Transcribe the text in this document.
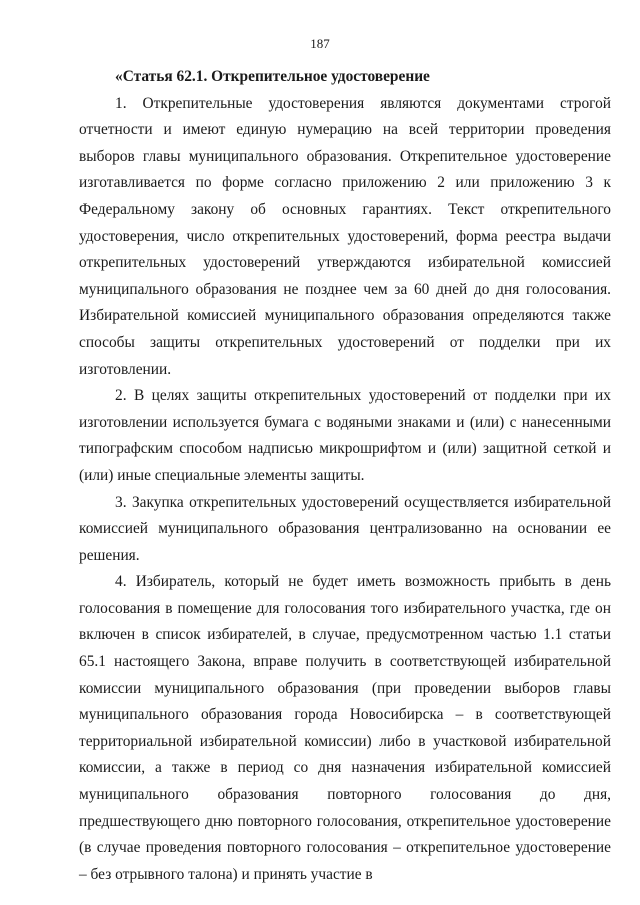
187

«Статья 62.1. Открепительное удостоверение

1. Открепительные удостоверения являются документами строгой отчетности и имеют единую нумерацию на всей территории проведения выборов главы муниципального образования. Открепительное удостоверение изготавливается по форме согласно приложению 2 или приложению 3 к Федеральному закону об основных гарантиях. Текст открепительного удостоверения, число открепительных удостоверений, форма реестра выдачи открепительных удостоверений утверждаются избирательной комиссией муниципального образования не позднее чем за 60 дней до дня голосования. Избирательной комиссией муниципального образования определяются также способы защиты открепительных удостоверений от подделки при их изготовлении.

2. В целях защиты открепительных удостоверений от подделки при их изготовлении используется бумага с водяными знаками и (или) с нанесенными типографским способом надписью микрошрифтом и (или) защитной сеткой и (или) иные специальные элементы защиты.

3. Закупка открепительных удостоверений осуществляется избирательной комиссией муниципального образования централизованно на основании ее решения.

4. Избиратель, который не будет иметь возможность прибыть в день голосования в помещение для голосования того избирательного участка, где он включен в список избирателей, в случае, предусмотренном частью 1.1 статьи 65.1 настоящего Закона, вправе получить в соответствующей избирательной комиссии муниципального образования (при проведении выборов главы муниципального образования города Новосибирска – в соответствующей территориальной избирательной комиссии) либо в участковой избирательной комиссии, а также в период со дня назначения избирательной комиссией муниципального образования повторного голосования до дня, предшествующего дню повторного голосования, открепительное удостоверение (в случае проведения повторного голосования – открепительное удостоверение – без отрывного талона) и принять участие в
